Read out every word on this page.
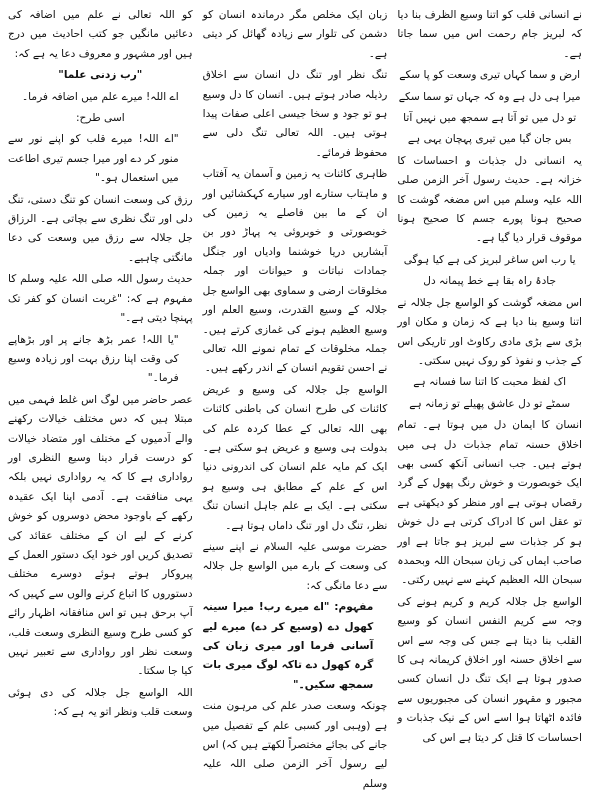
نے انسانی قلب کو اتنا وسیع الظرف بنا دیا کہ لبریز جام رحمت اس میں سما جاتا ہے۔

ارض و سما کہاں تیری وسعت کو پا سکے

میرا ہی دل ہے وہ کہ جہاں تو سما سکے

تو دل میں تو آتا ہے سمجھ میں نہیں آتا

بس جان گیا میں تیری پہچان یہی ہے

یہ انسانی دل جذبات و احساسات کا خزانہ ہے۔ حدیث رسول آخر الزمن صلی اللہ علیہ وسلم میں اس مضغہ گوشت کا صحیح ہونا پورے جسم کا صحیح ہونا موقوف قرار دیا گیا ہے۔

یا رب اس ساغر لبریز کی ہے کیا ہوگی

جادۂ راہ بقا ہے خط پیمانہ دل

اس مضغہ گوشت کو الواسع جل جلالہ نے اتنا وسیع بنا دیا ہے کہ زمان و مکان اور بڑی سے بڑی مادی رکاوٹ اور تاریکی اس کے جذب و نفوذ کو روک نہیں سکتی۔

اک لفظ محبت کا اتنا سا فسانہ ہے

سمٹے تو دل عاشق پھیلے تو زمانہ ہے

انسان کا ایمان دل میں ہوتا ہے۔ تمام اخلاق حسنہ تمام جذبات دل ہی میں ہوتے ہیں۔ جب انسانی آنکھ کسی بھی ایک خوبصورت و خوش رنگ پھول کے گرد رقصاں ہوتی ہے اور منظر کو دیکھتی ہے تو عقل اس کا ادراک کرتی ہے دل خوش ہو کر جذبات سے لبریز ہو جاتا ہے اور صاحب ایماں کی زبان سبحان اللہ وبحمدہ سبحان اللہ العظیم کہنے سے نہیں رکتی۔

الواسع جل جلالہ کریم و کریم ہونے کی وجہ سے کریم النفس انسان کو وسیع القلب بنا دیتا ہے جس کی وجہ سے اس سے اخلاق حسنہ اور اخلاق کریمانہ ہی کا صدور ہوتا ہے ایک تنگ دل انسان کسی مجبور و مقہور انسان کی مجبوریوں سے فائدہ اٹھاتا ہوا اسے اس کے نیک جذبات و احساسات کا قتل کر دیتا ہے اس کی

زبان ایک مخلص مگر درماندہ انسان کو دشمن کی تلوار سے زیادہ گھائل کر دیتی ہے۔

تنگ نظر اور تنگ دل انسان سے اخلاق رذیلہ صادر ہوتے ہیں۔ انسان کا دل وسیع ہو تو جود و سخا جیسی اعلی صفات پیدا ہوتی ہیں۔ اللہ تعالی تنگ دلی سے محفوظ فرمائے۔

ظاہری کائنات یہ زمین و آسمان یہ آفتاب و ماہتاب ستارے اور سیارے کہکشائیں اور ان کے ما بین فاصلے یہ زمین کی خوبصورتی و خوبروئی یہ پہاڑ دور بن آبشاریں دریا خوشنما وادیاں اور جنگل جمادات نباتات و حیوانات اور جملہ مخلوقات ارضی و سماوی بھی الواسع جل جلالہ کے وسیع القدرت، وسیع العلم اور وسیع العظیم ہونے کی غمازی کرتے ہیں۔ جملہ مخلوقات کے تمام نمونے اللہ تعالی نے احسن تقویم انسان کے اندر رکھے ہیں۔

الواسع جل جلالہ کی وسیع و عریض کائنات کی طرح انسان کی باطنی کائنات بھی اللہ تعالی کے عطا کردہ علم کی بدولت ہی وسیع و عریض ہو سکتی ہے۔ ایک کم مایہ علم انسان کی اندرونی دنیا اس کے علم کے مطابق ہی وسیع ہو سکتی ہے۔ ایک بے علم جاہل انسان تنگ نظر، تنگ دل اور تنگ داماں ہوتا ہے۔

حضرت موسی علیہ السلام نے اپنے سینے کی وسعت کے بارے میں الواسع جل جلالہ سے دعا مانگی کہ:

مفہوم: "اے میرے رب! میرا سینہ کھول دے (وسیع کر دے) میرے لیے آسانی فرما اور میری زبان کی گرہ کھول دے تاکہ لوگ میری بات سمجھ سکیں۔"

چونکہ وسعت صدر علم کی مرہون منت ہے (وہبی اور کسبی علم کے تفصیل میں جانے کی بجائے مختصراً لکھتے ہیں کہ) اس لیے رسول آخر الزمن صلی اللہ علیہ وسلم

کو اللہ تعالی نے علم میں اضافہ کی دعائیں مانگیں جو کتب احادیث میں درج ہیں اور مشہور و معروف دعا یہ ہے کہ:

"رب زدنی علما"

اے اللہ! میرے علم میں اضافہ فرما۔

اسی طرح:

"اے اللہ! میرے قلب کو اپنے نور سے منور کر دے اور میرا جسم تیری اطاعت میں استعمال ہو۔"

رزق کی وسعت انسان کو تنگ دستی، تنگ دلی اور تنگ نظری سے بچاتی ہے۔ الرزاق جل جلالہ سے رزق میں وسعت کی دعا مانگتی چاہیے۔

حدیث رسول اللہ صلی اللہ علیہ وسلم کا مفہوم ہے کہ: "غربت انسان کو کفر تک پہنچا دیتی ہے۔"

"یا اللہ! عمر بڑھ جانے پر اور بڑھاپے کی وقت اپنا رزق بہت اور زیادہ وسیع فرما۔"

عصر حاضر میں لوگ اس غلط فہمی میں مبتلا ہیں کہ دس مختلف خیالات رکھنے والے آدمیوں کے مختلف اور متضاد خیالات کو درست قرار دینا وسیع النظری اور رواداری ہے کا کہ یہ رواداری نہیں بلکہ یہی منافقت ہے۔ آدمی اپنا ایک عقیدہ رکھے کے باوجود محض دوسروں کو خوش کرنے کے لیے ان کے مختلف عقائد کی تصدیق کریں اور خود ایک دستور العمل کے پیروکار ہوتے ہوئے دوسرے مختلف دستوروں کا اتباع کرنے والوں سے کہیں کہ آپ برحق ہیں تو اس منافقانہ اظہار رائے کو کسی طرح وسیع النظری وسعت قلب، وسعت نظر اور رواداری سے تعبیر نہیں کیا جا سکتا۔

اللہ الواسع جل جلالہ کی دی ہوئی وسعت قلب ونظر اتو یہ ہے کہ:
